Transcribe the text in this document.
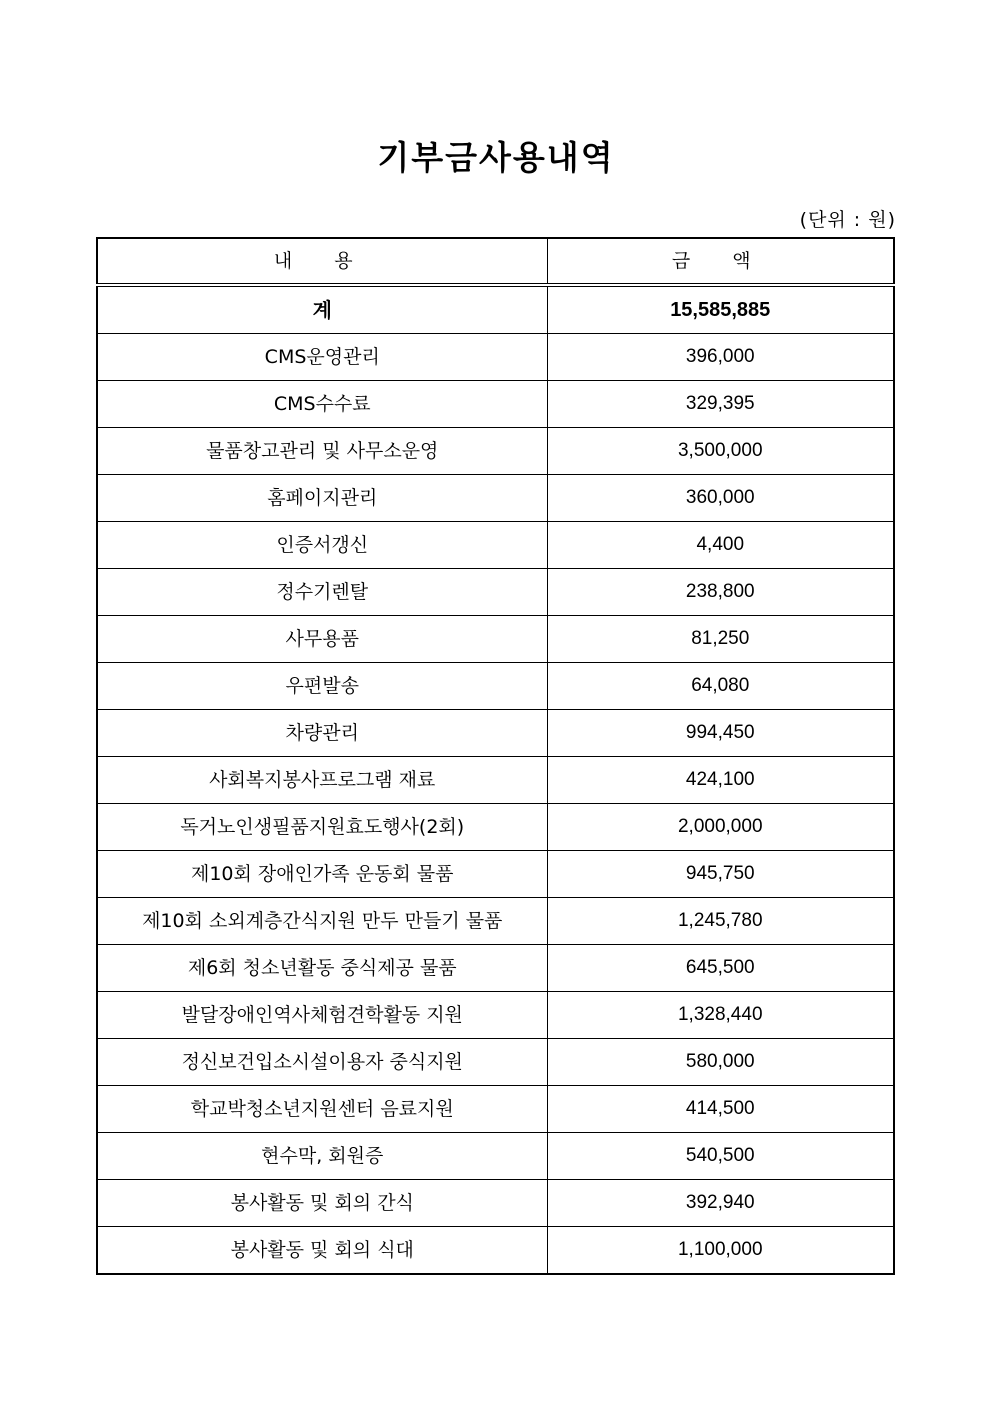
기부금사용내역
(단위 : 원)
내 용	금 액
계	15,585,885
CMS운영관리	396,000
CMS수수료	329,395
물품창고관리 및 사무소운영	3,500,000
홈페이지관리	360,000
인증서갱신	4,400
정수기렌탈	238,800
사무용품	81,250
우편발송	64,080
차량관리	994,450
사회복지봉사프로그램 재료	424,100
독거노인생필품지원효도행사(2회)	2,000,000
제10회 장애인가족 운동회 물품	945,750
제10회 소외계층간식지원 만두 만들기 물품	1,245,780
제6회 청소년활동 중식제공 물품	645,500
발달장애인역사체험견학활동 지원	1,328,440
정신보건입소시설이용자 중식지원	580,000
학교박청소년지원센터 음료지원	414,500
현수막, 회원증	540,500
봉사활동 및 회의 간식	392,940
봉사활동 및 회의 식대	1,100,000
